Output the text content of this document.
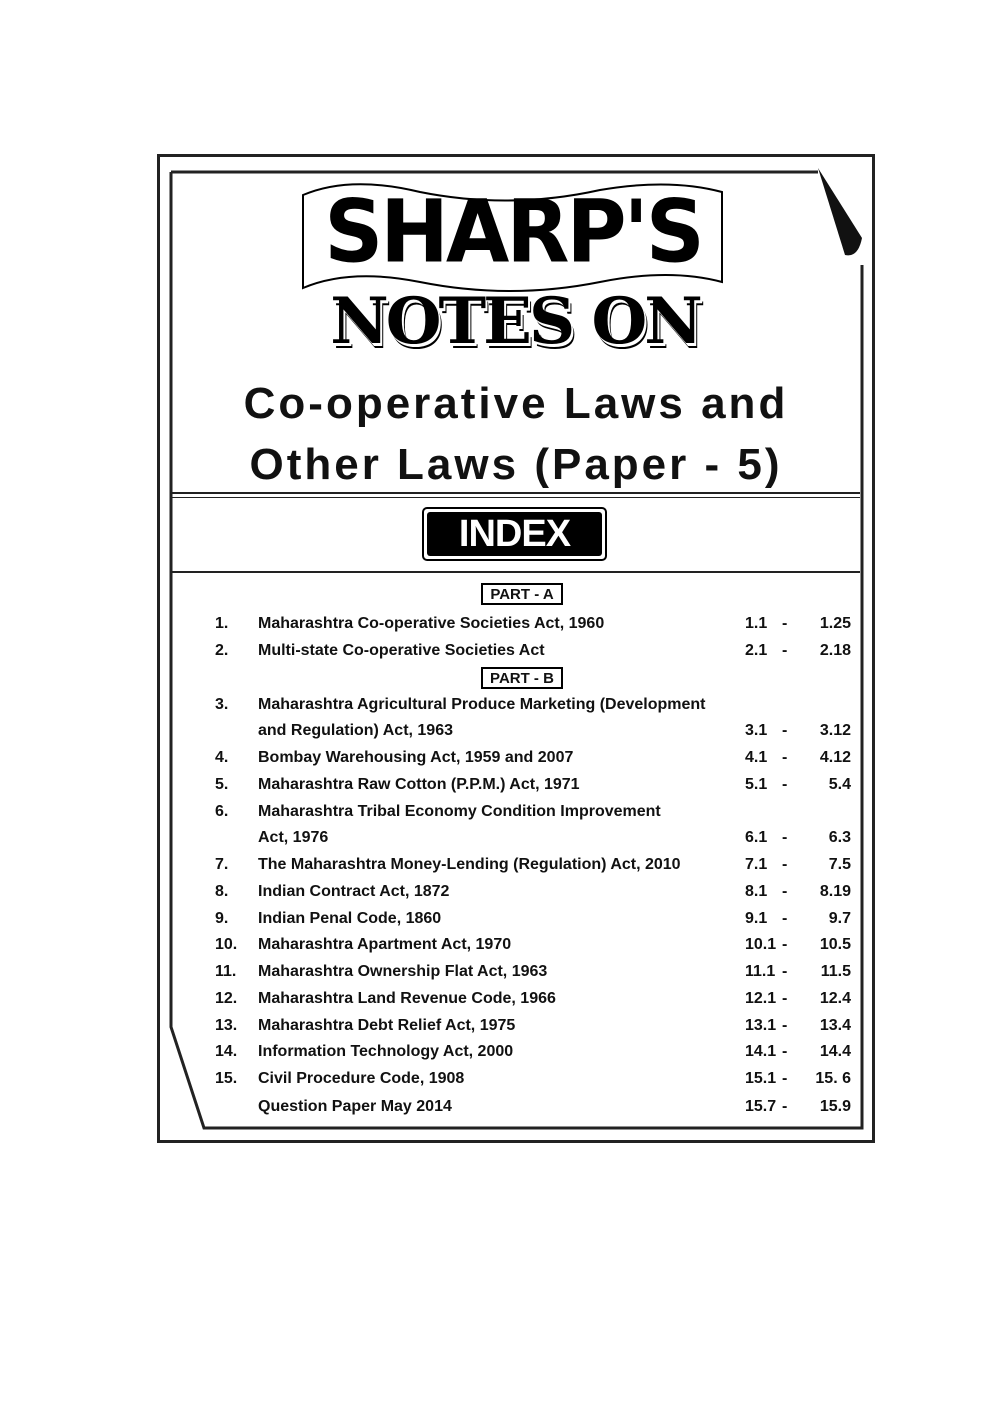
SHARP'S
NOTES ON
Co-operative Laws and
Other Laws (Paper - 5)
INDEX
PART - A
PART - B
1. Maharashtra Co-operative Societies Act, 1960	1.1 -	1.25
2. Multi-state Co-operative Societies Act	2.1 -	2.18
3. Maharashtra Agricultural Produce Marketing (Development
and Regulation) Act, 1963	3.1 -	3.12
4. Bombay Warehousing Act, 1959 and 2007	4.1 -	4.12
5. Maharashtra Raw Cotton (P.P.M.) Act, 1971	5.1 -	5.4
6. Maharashtra Tribal Economy Condition Improvement
Act, 1976	6.1 -	6.3
7. The Maharashtra Money-Lending (Regulation) Act, 2010	7.1 -	7.5
8. Indian Contract Act, 1872	8.1 -	8.19
9. Indian Penal Code, 1860	9.1 -	9.7
10. Maharashtra Apartment Act, 1970	10.1 -	10.5
11. Maharashtra Ownership Flat Act, 1963	11.1 -	11.5
12. Maharashtra Land Revenue Code, 1966	12.1 -	12.4
13. Maharashtra Debt Relief Act, 1975	13.1 -	13.4
14. Information Technology Act, 2000	14.1 -	14.4
15. Civil Procedure Code, 1908	15.1 -	15. 6
Question Paper May 2014	15.7 -	15.9
